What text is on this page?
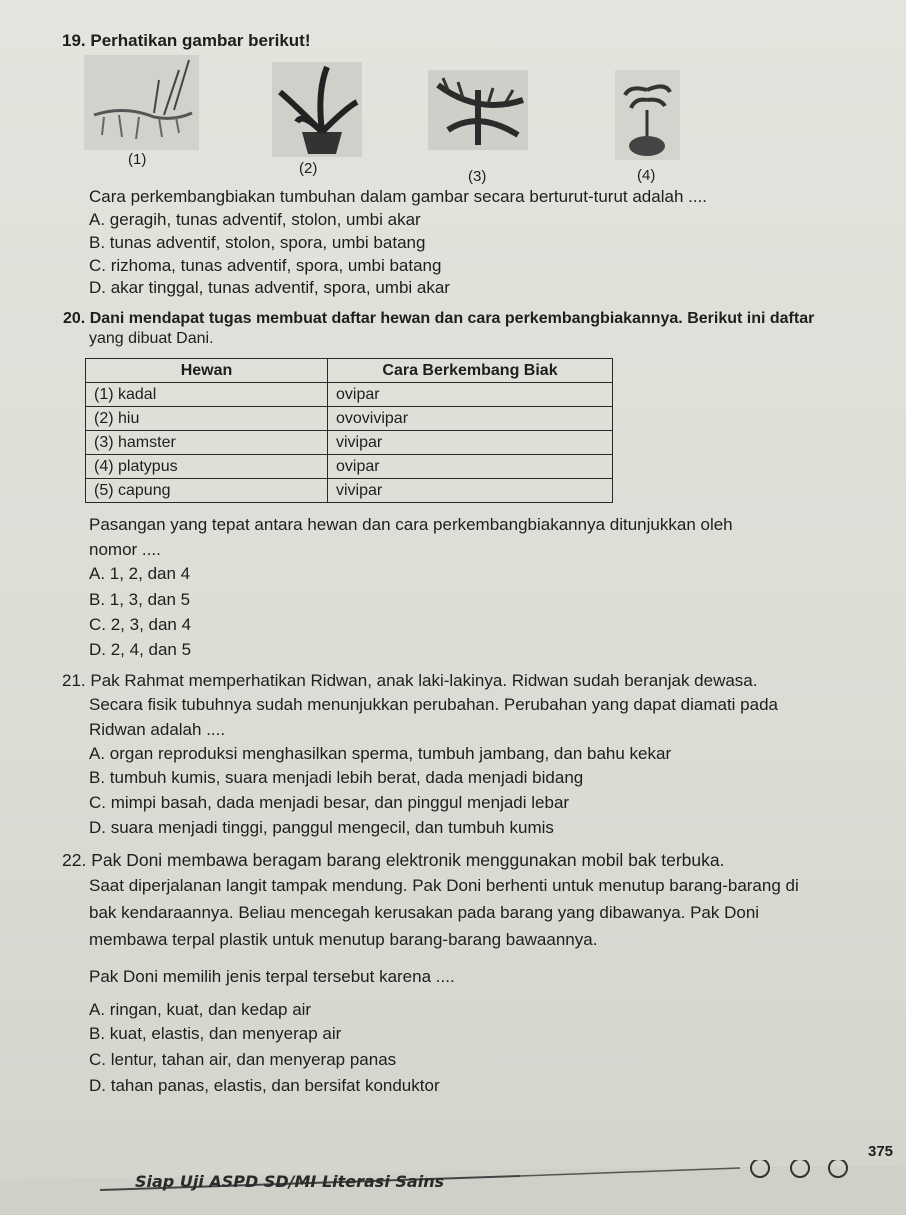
19. Perhatikan gambar berikut!
(1)
(2)	(3)	(4)
Cara perkembangbiakan tumbuhan dalam gambar secara berturut-turut adalah ....
A. geragih, tunas adventif, stolon, umbi akar
B. tunas adventif, stolon, spora, umbi batang
C. rizhoma, tunas adventif, spora, umbi batang
D. akar tinggal, tunas adventif, spora, umbi akar
20. Dani mendapat tugas membuat daftar hewan dan cara perkembangbiakannya. Berikut ini daftar
yang dibuat Dani.
Hewan	Cara Berkembang Biak
(1) kadal	ovipar
(2) hiu	ovovivipar
(3) hamster	vivipar
(4) platypus	ovipar
(5) capung	vivipar
Pasangan yang tepat antara hewan dan cara perkembangbiakannya ditunjukkan oleh
nomor ....
A. 1, 2, dan 4
B. 1, 3, dan 5
C. 2, 3, dan 4
D. 2, 4, dan 5
21. Pak Rahmat memperhatikan Ridwan, anak laki-lakinya. Ridwan sudah beranjak dewasa.
Secara fisik tubuhnya sudah menunjukkan perubahan. Perubahan yang dapat diamati pada
Ridwan adalah ....
A. organ reproduksi menghasilkan sperma, tumbuh jambang, dan bahu kekar
B. tumbuh kumis, suara menjadi lebih berat, dada menjadi bidang
C. mimpi basah, dada menjadi besar, dan pinggul menjadi lebar
D. suara menjadi tinggi, panggul mengecil, dan tumbuh kumis
22. Pak Doni membawa beragam barang elektronik menggunakan mobil bak terbuka.
Saat diperjalanan langit tampak mendung. Pak Doni berhenti untuk menutup barang-barang di
bak kendaraannya. Beliau mencegah kerusakan pada barang yang dibawanya. Pak Doni
membawa terpal plastik untuk menutup barang-barang bawaannya.
Pak Doni memilih jenis terpal tersebut karena ....
A. ringan, kuat, dan kedap air
B. kuat, elastis, dan menyerap air
C. lentur, tahan air, dan menyerap panas
D. tahan panas, elastis, dan bersifat konduktor
Siap Uji ASPD SD/MI Literasi Sains
375
